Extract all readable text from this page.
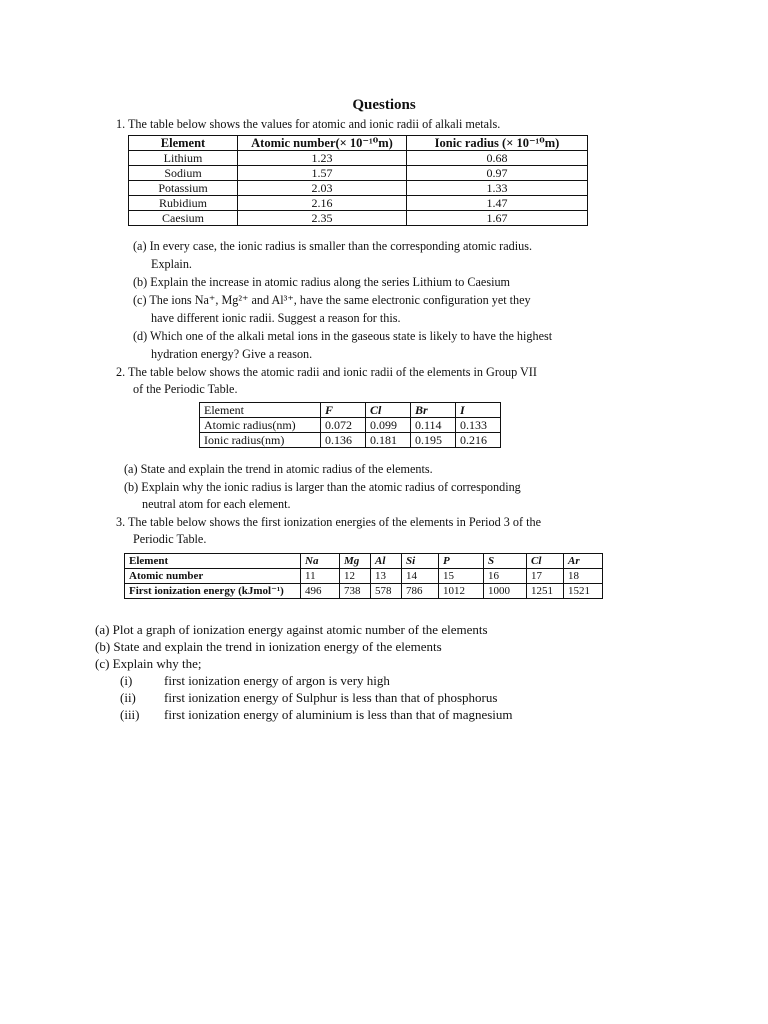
Questions
1. The table below shows the values for atomic and ionic radii of alkali metals.
Element	Atomic number(× 10⁻¹⁰m)	Ionic radius (× 10⁻¹⁰m)
Lithium	1.23	0.68
Sodium	1.57	0.97
Potassium	2.03	1.33
Rubidium	2.16	1.47
Caesium	2.35	1.67
(a) In every case, the ionic radius is smaller than the corresponding atomic radius.
Explain.
(b) Explain the increase in atomic radius along the series Lithium to Caesium
(c) The ions Na⁺, Mg²⁺ and Al³⁺, have the same electronic configuration yet they
have different ionic radii. Suggest a reason for this.
(d) Which one of the alkali metal ions in the gaseous state is likely to have the highest
hydration energy? Give a reason.
2. The table below shows the atomic radii and ionic radii of the elements in Group VII
of the Periodic Table.
Element	F	Cl	Br	I
Atomic radius(nm)	0.072	0.099	0.114	0.133
Ionic radius(nm)	0.136	0.181	0.195	0.216
(a) State and explain the trend in atomic radius of the elements.
(b) Explain why the ionic radius is larger than the atomic radius of corresponding
neutral atom for each element.
3. The table below shows the first ionization energies of the elements in Period 3 of the
Periodic Table.
Element	Na	Mg	Al	Si	P	S	Cl	Ar
Atomic number	11	12	13	14	15	16	17	18
First ionization energy (kJmol⁻¹)	496	738	578	786	1012	1000	1251	1521
(a) Plot a graph of ionization energy against atomic number of the elements
(b) State and explain the trend in ionization energy of the elements
(c) Explain why the;
(i) first ionization energy of argon is very high
(ii) first ionization energy of Sulphur is less than that of phosphorus
(iii) first ionization energy of aluminium is less than that of magnesium
